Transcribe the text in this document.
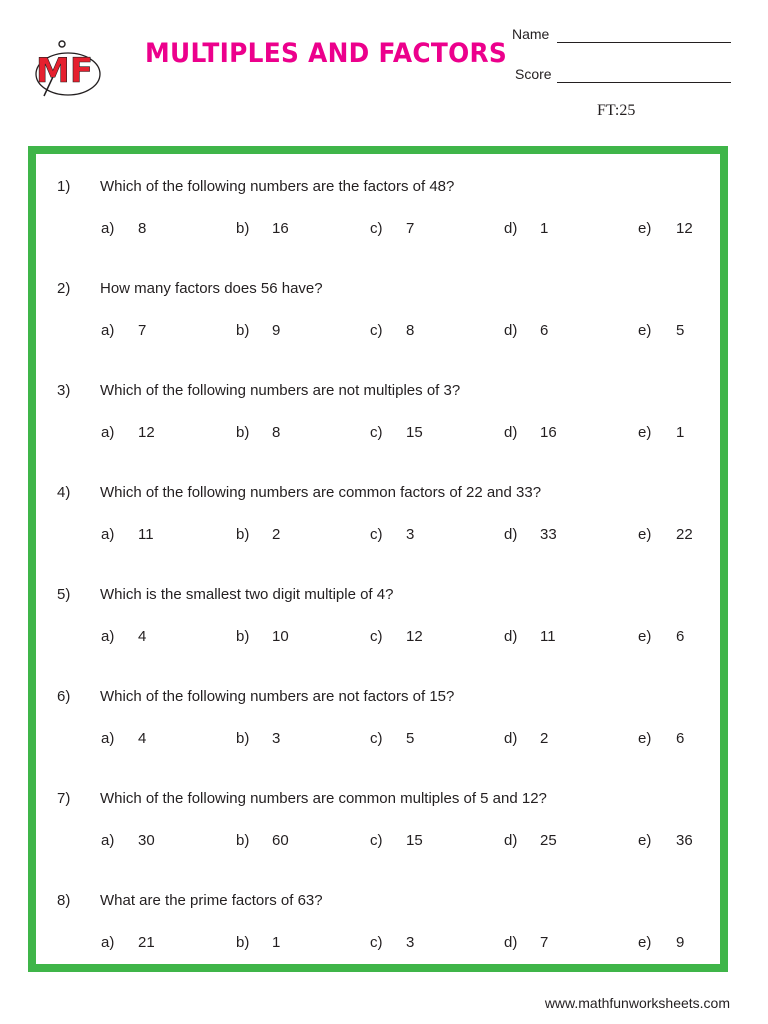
MF MULTIPLES AND FACTORS
Name
Score
FT:25
1) Which of the following numbers are the factors of 48?
a) 8	b) 16	c) 7	d) 1	e) 12
2) How many factors does 56 have?
a) 7	b) 9	c) 8	d) 6	e) 5
3) Which of the following numbers are not multiples of 3?
a) 12	b) 8	c) 15	d) 16	e) 1
4) Which of the following numbers are common factors of 22 and 33?
a) 11	b) 2	c) 3	d) 33	e) 22
5) Which is the smallest two digit multiple of 4?
a) 4	b) 10	c) 12	d) 11	e) 6
6) Which of the following numbers are not factors of 15?
a) 4	b) 3	c) 5	d) 2	e) 6
7) Which of the following numbers are common multiples of 5 and 12?
a) 30	b) 60	c) 15	d) 25	e) 36
8) What are the prime factors of 63?
a) 21	b) 1	c) 3	d) 7	e) 9
www.mathfunworksheets.com
